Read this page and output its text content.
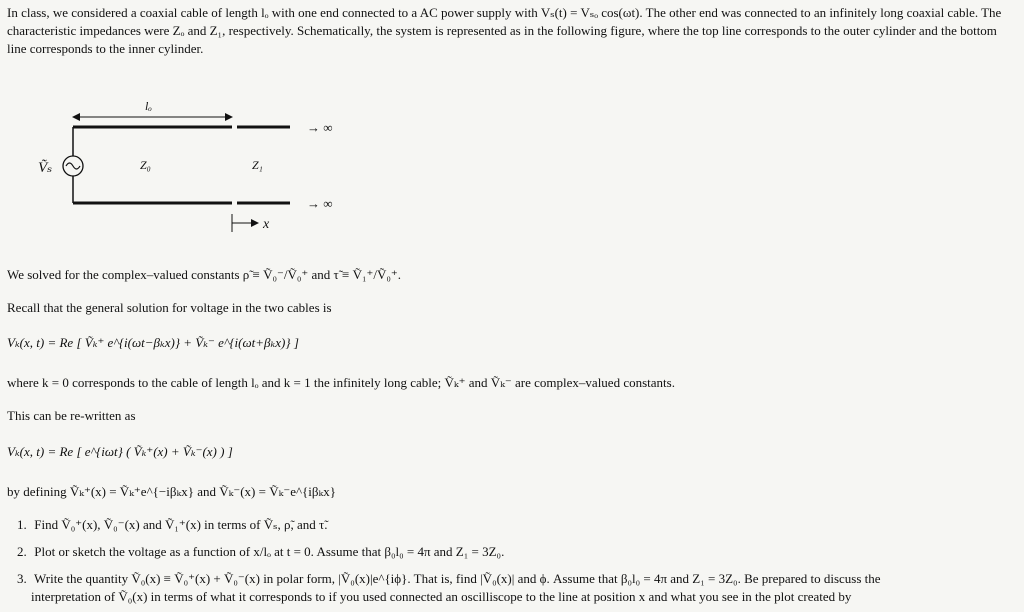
In class, we considered a coaxial cable of length lₒ with one end connected to a AC power supply with Vₛ(t) = Vₛₒ cos(ωt). The other end was connected to an infinitely long coaxial cable. The characteristic impedances were Zₒ and Z₁, respectively. Schematically, the system is represented as in the following figure, where the top line corresponds to the outer cylinder and the bottom line corresponds to the inner cylinder.
lₒ
Ṽₛ	Z₀	Z₁
→ ∞
→ ∞
x
We solved for the complex–valued constants ρ̃ ≡ Ṽ₀⁻/Ṽ₀⁺ and τ̃ ≡ Ṽ₁⁺/Ṽ₀⁺.
Recall that the general solution for voltage in the two cables is
Vₖ(x, t) = Re [ Ṽₖ⁺ e^{i(ωt−βₖx)} + Ṽₖ⁻ e^{i(ωt+βₖx)} ]
where k = 0 corresponds to the cable of length lₒ and k = 1 the infinitely long cable; Ṽₖ⁺ and Ṽₖ⁻ are complex–valued constants.
This can be re-written as
Vₖ(x, t) = Re [ e^{iωt} ( Ṽₖ⁺(x) + Ṽₖ⁻(x) ) ]
by defining Ṽₖ⁺(x) = Ṽₖ⁺e^{−iβₖx} and Ṽₖ⁻(x) = Ṽₖ⁻e^{iβₖx}
1. Find Ṽ₀⁺(x), Ṽ₀⁻(x) and Ṽ₁⁺(x) in terms of Ṽₛ, ρ̃, and τ̃.
2. Plot or sketch the voltage as a function of x/lₒ at t = 0. Assume that β₀l₀ = 4π and Z₁ = 3Z₀.
3. Write the quantity Ṽ₀(x) ≡ Ṽ₀⁺(x) + Ṽ₀⁻(x) in polar form, |Ṽ₀(x)|e^{iϕ}. That is, find |Ṽ₀(x)| and ϕ. Assume that β₀l₀ = 4π and Z₁ = 3Z₀. Be prepared to discuss the
interpretation of Ṽ₀(x) in terms of what it corresponds to if you used connected an oscilliscope to the line at position x and what you see in the plot created by
